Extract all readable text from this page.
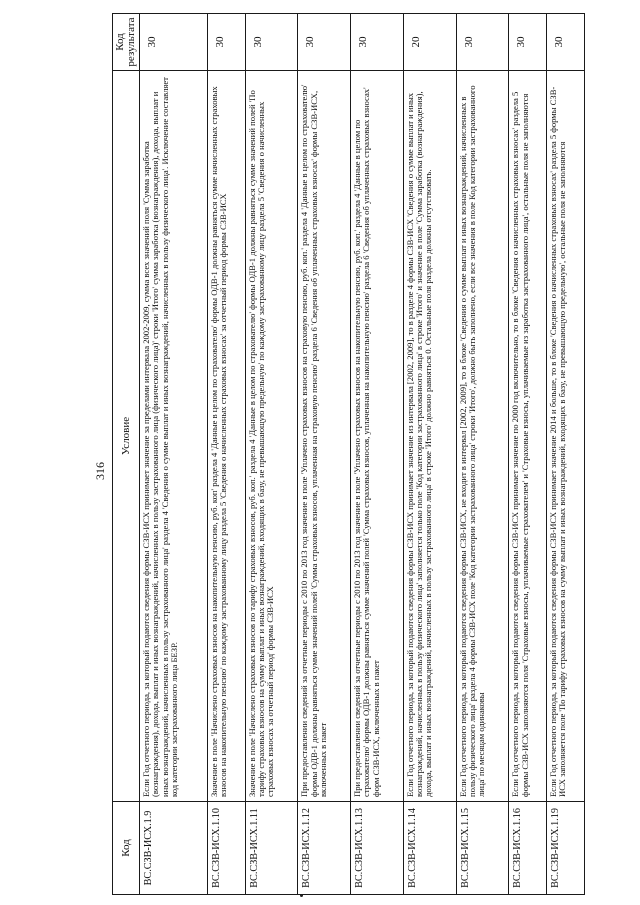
316
Код	Условие	Код результата
ВС.СЗВ-ИСХ.1.9	Если Год отчетного периода, за который подаются сведения формы СЗВ-ИСХ принимает значение за пределами интервала 2002-2009, сумма всех значений поля 'Сумма заработка (вознаграждения), дохода, выплат и иных вознаграждений, начисленных в пользу застрахованного лица (физического лица)' строки 'Итого' сумма заработка (вознаграждения), дохода, выплат и иных вознаграждений, начисленных в пользу застрахованного лица' раздела 4 'Сведения о сумме выплат и иных вознаграждений, начисленных в пользу физического лица'. Исключение составляет код категории застрахованного лица БЕЗР.	30
ВС.СЗВ-ИСХ.1.10	Значение в поле 'Начислено страховых взносов на накопительную пенсию, руб. коп' раздела 4 'Данные в целом по страхователю' формы ОДВ-1 должны равняться сумме начисленных страховых взносов на накопительную пенсию' по каждому застрахованному лицу раздела 5 'Сведения о начисленных страховых взносах' за отчетный период формы СЗВ-ИСХ	30
ВС.СЗВ-ИСХ.1.11	Значение в поле 'Начислено страховых взносов по тарифу страховых взносов, руб. коп.' раздела 4 'Данные в целом по страхователю' формы ОДВ-1 должны равняться сумме значений полей 'По тарифу страховых взносов на сумму выплат и иных вознаграждений, входящих в базу, не превышающую предельную' по каждому застрахованному лицу раздела 5 'Сведения о начисленных страховых взносах за отчетный период' формы СЗВ-ИСХ	30
ВС.СЗВ-ИСХ.1.12	При предоставлении сведений за отчетные периоды с 2010 по 2013 год значение в поле 'Уплачено страховых взносов на страховую пенсию, руб. коп.' раздела 4 'Данные в целом по страхователю' формы ОДВ-1 должны равняться сумме значений полей 'Сумма страховых взносов, уплаченная на страховую пенсию' раздела 6 'Сведения об уплаченных страховых взносах' формы СЗВ-ИСХ, включенных в пакет	30
ВС.СЗВ-ИСХ.1.13	При предоставлении сведений за отчетные периоды с 2010 по 2013 год значение в поле 'Уплачено страховых взносов на накопительную пенсию, руб. коп.' раздела 4 'Данные в целом по страхователю' формы ОДВ-1 должны равняться сумме значений полей 'Сумма страховых взносов, уплаченная на накопительную пенсию' раздела 6 'Сведения об уплаченных страховых взносах' форм СЗВ-ИСХ, включенных в пакет	30
ВС.СЗВ-ИСХ.1.14	Если Год отчетного периода, за который подаются сведения формы СЗВ-ИСХ принимает значение из интервала [2002, 2009], то в разделе 4 формы СЗВ-ИСХ 'Сведения о сумме выплат и иных вознаграждений, начисленных в пользу физического лица' заполняется только поле 'Код категории застрахованного лица' в строке 'Итого' и значение в поле 'Сумма заработка (вознаграждения), дохода, выплат и иных вознаграждений, начисленных в пользу застрахованного лица' в строке 'Итого' должно равняться 0. Остальные поля раздела должны отсутствовать.	20
ВС.СЗВ-ИСХ.1.15	Если Год отчетного периода, за который подаются сведения формы СЗВ-ИСХ, не входит в интервал [2002, 2009], то в блоке 'Сведения о сумме выплат и иных вознаграждений, начисленных в пользу физического лица' раздела 4 формы СЗВ-ИСХ поле 'Код категории застрахованного лица' строки 'Итого', должно быть заполнено, если все значения в поле Код категории застрахованного лица' по месяцам одинаковы	30
ВС.СЗВ-ИСХ.1.16	Если Год отчетного периода, за который подаются сведения формы СЗВ-ИСХ принимает значение по 2000 год включительно, то в блоке 'Сведения о начисленных страховых взносах' раздела 5 формы СЗВ-ИСХ заполняются поля 'Страховые взносы, уплачиваемые страхователем' и 'Страховые взносы, уплачиваемые из заработка застрахованного лица', остальные поля не заполняются	30
ВС.СЗВ-ИСХ.1.19	Если Год отчетного периода, за который подаются сведения формы СЗВ-ИСХ принимает значение 2014 и больше, то в блоке 'Сведения о начисленных страховых взносах' раздела 5 формы СЗВ-ИСХ заполняется поле 'По тарифу страховых взносов на сумму выплат и иных вознаграждений, входящих в базу, не превышающую предельную', остальные поля не заполняются	30
